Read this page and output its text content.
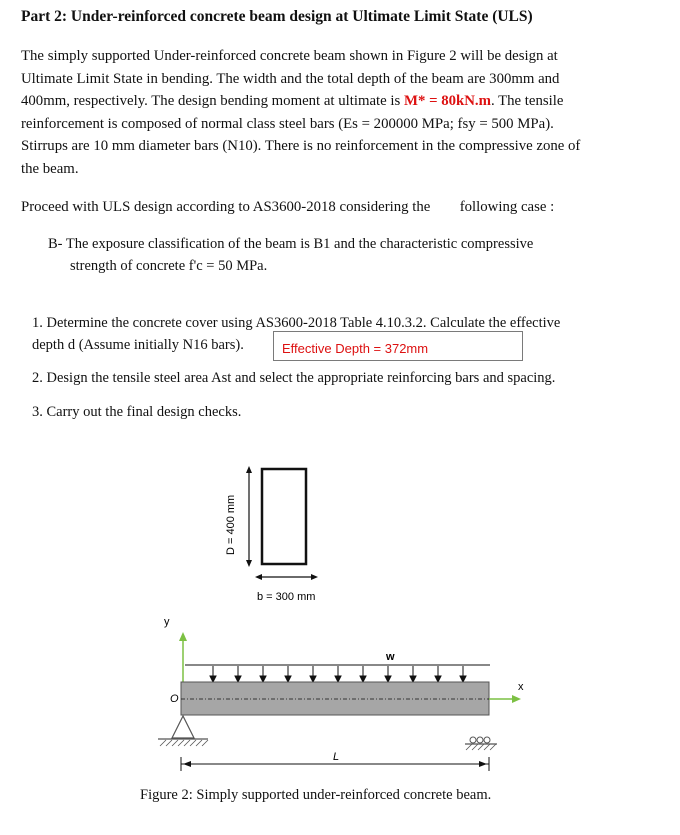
Part 2: Under-reinforced concrete beam design at Ultimate Limit State (ULS)
The simply supported Under-reinforced concrete beam shown in Figure 2 will be design at
Ultimate Limit State in bending. The width and the total depth of the beam are 300mm and
400mm, respectively. The design bending moment at ultimate is M* = 80kN.m. The tensile
reinforcement is composed of normal class steel bars (Es = 200000 MPa; fsy = 500 MPa).
Stirrups are 10 mm diameter bars (N10). There is no reinforcement in the compressive zone of
the beam.
Proceed with ULS design according to AS3600-2018 considering the following case :
B- The exposure classification of the beam is B1 and the characteristic compressive
strength of concrete f'c = 50 MPa.
1. Determine the concrete cover using AS3600-2018 Table 4.10.3.2. Calculate the effective
depth d (Assume initially N16 bars).	Effective Depth = 372mm
2. Design the tensile steel area Ast and select the appropriate reinforcing bars and spacing.
3. Carry out the final design checks.
D = 400 mm
b = 300 mm
y
w
O
x
L
Figure 2: Simply supported under-reinforced concrete beam.
